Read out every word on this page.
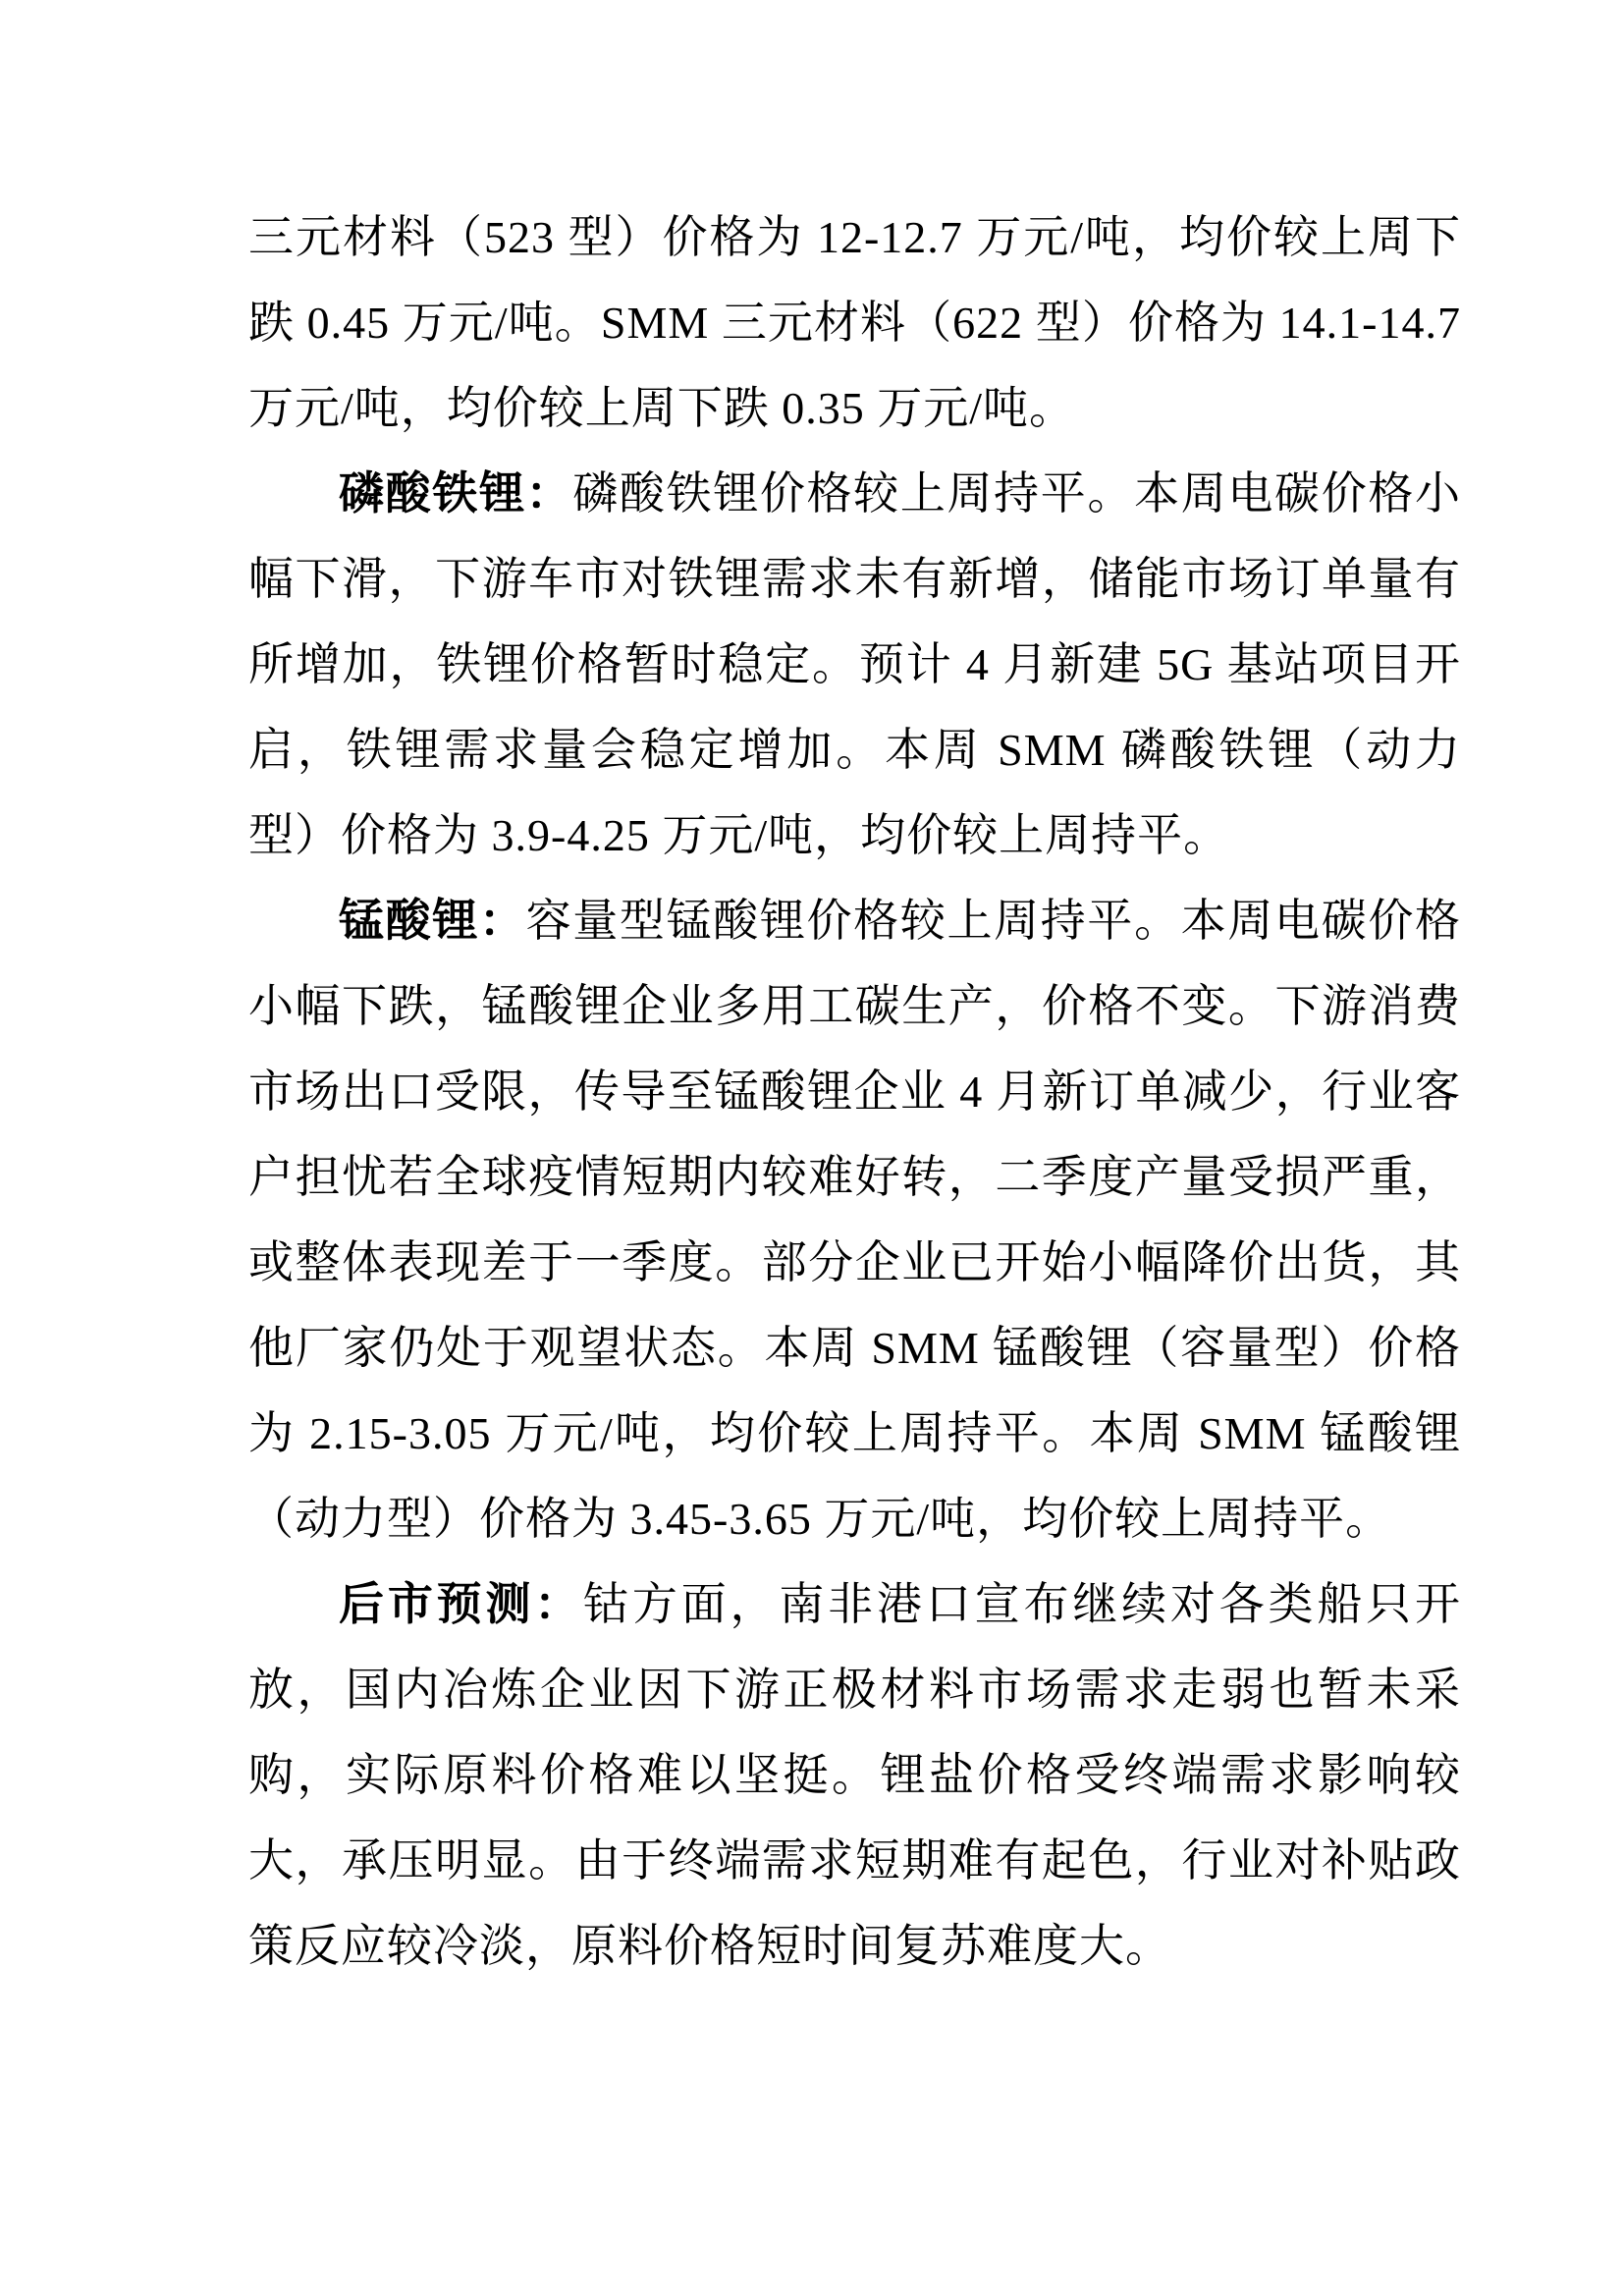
三元材料（523 型）价格为 12-12.7 万元/吨，均价较上周下跌 0.45 万元/吨。SMM 三元材料（622 型）价格为 14.1-14.7 万元/吨，均价较上周下跌 0.35 万元/吨。

磷酸铁锂：磷酸铁锂价格较上周持平。本周电碳价格小幅下滑，下游车市对铁锂需求未有新增，储能市场订单量有所增加，铁锂价格暂时稳定。预计 4 月新建 5G 基站项目开启，铁锂需求量会稳定增加。本周 SMM 磷酸铁锂（动力型）价格为 3.9-4.25 万元/吨，均价较上周持平。

锰酸锂：容量型锰酸锂价格较上周持平。本周电碳价格小幅下跌，锰酸锂企业多用工碳生产，价格不变。下游消费市场出口受限，传导至锰酸锂企业 4 月新订单减少，行业客户担忧若全球疫情短期内较难好转，二季度产量受损严重，或整体表现差于一季度。部分企业已开始小幅降价出货，其他厂家仍处于观望状态。本周 SMM 锰酸锂（容量型）价格为 2.15-3.05 万元/吨，均价较上周持平。本周 SMM 锰酸锂（动力型）价格为 3.45-3.65 万元/吨，均价较上周持平。

后市预测：钴方面，南非港口宣布继续对各类船只开放，国内冶炼企业因下游正极材料市场需求走弱也暂未采购，实际原料价格难以坚挺。锂盐价格受终端需求影响较大，承压明显。由于终端需求短期难有起色，行业对补贴政策反应较冷淡，原料价格短时间复苏难度大。
